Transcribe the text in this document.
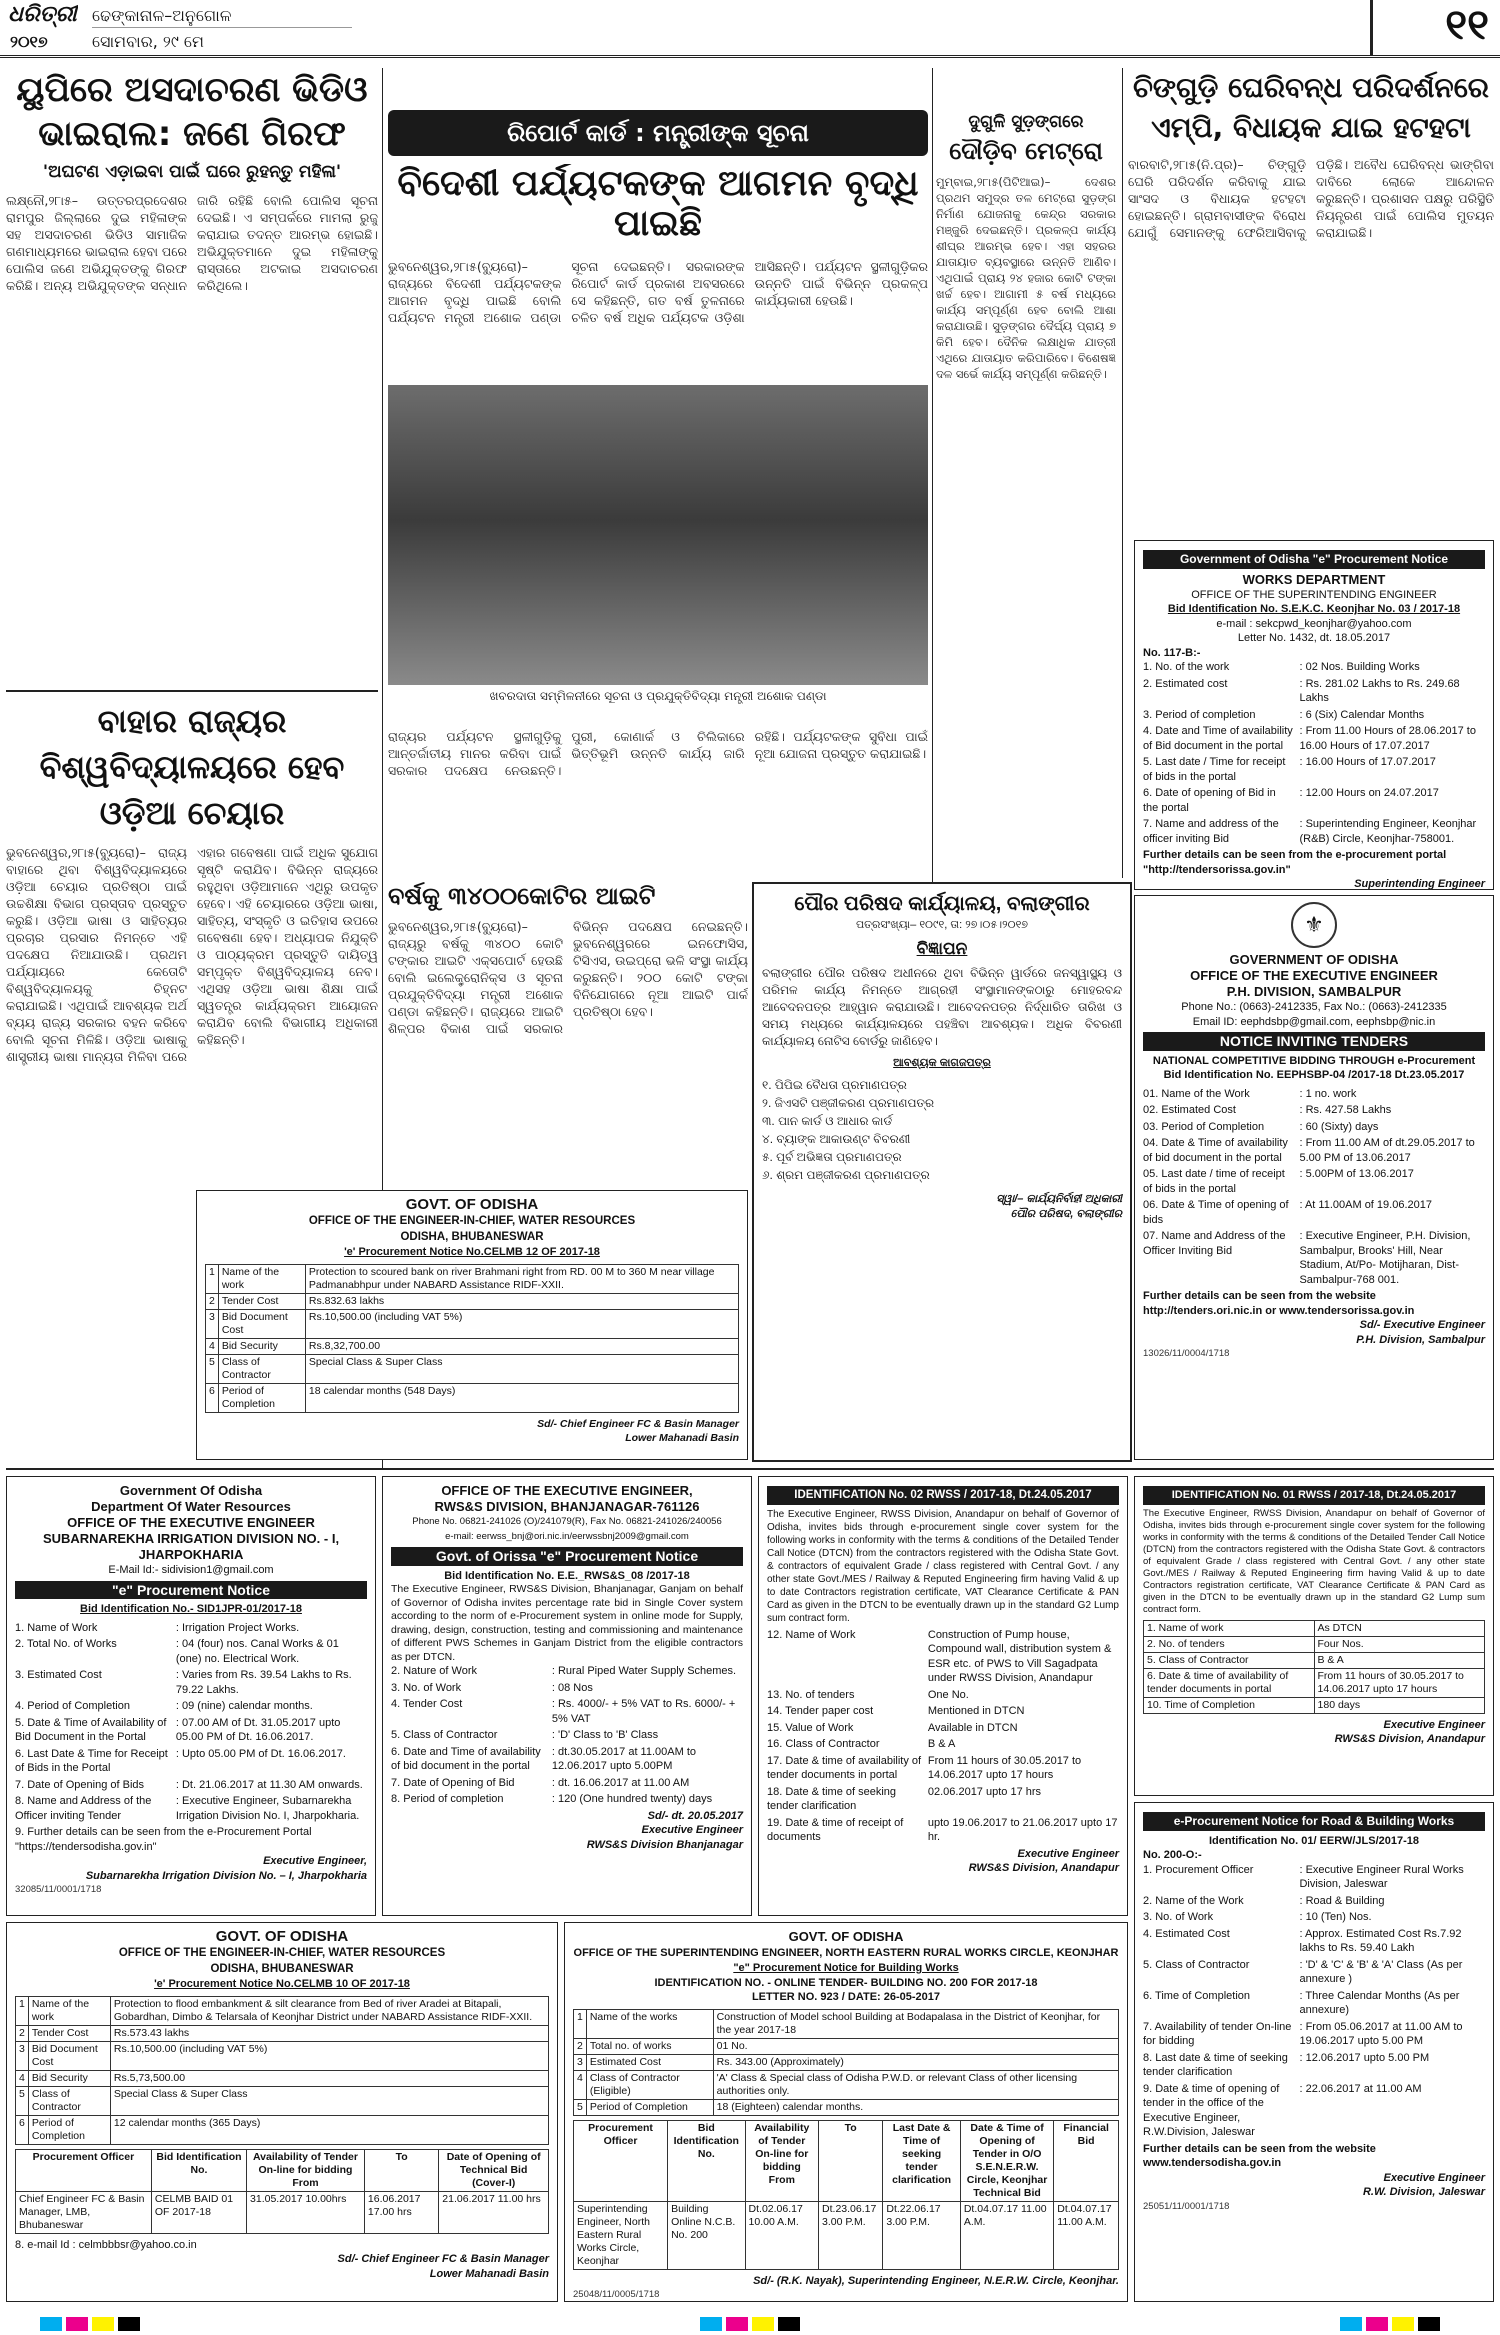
ଧରିତ୍ରୀ
୨୦୧୭
ଢେଙ୍କାନାଳ–ଅନୁଗୋଳ
ସୋମବାର, ୨୯ ମେ	୧୧
ୟୁପିରେ ଅସଦାଚରଣ ଭିଡିଓ ଭାଇରାଲ: ଜଣେ ଗିରଫ
'ଅଘଟଣ ଏଡ଼ାଇବା ପାଇଁ ଘରେ ରୁହନ୍ତୁ ମହିଳା'
ଲକ୍ଷ୍ନୌ,୨୮ା୫– ଉତ୍ତରପ୍ରଦେଶର ରାମପୁର ଜିଲ୍ଲାରେ ଦୁଇ ମହିଳାଙ୍କ ସହ ଅସଦାଚରଣ ଭିଡିଓ ସାମାଜିକ ଗଣମାଧ୍ୟମରେ ଭାଇରାଲ ହେବା ପରେ ପୋଲିସ ଜଣେ ଅଭିଯୁକ୍ତଙ୍କୁ ଗିରଫ କରିଛି। ଅନ୍ୟ ଅଭିଯୁକ୍ତଙ୍କ ସନ୍ଧାନ ଜାରି ରହିଛି ବୋଲି ପୋଲିସ ସୂଚନା ଦେଇଛି। ଏ ସମ୍ପର୍କରେ ମାମଲା ରୁଜୁ କରାଯାଇ ତଦନ୍ତ ଆରମ୍ଭ ହୋଇଛି। ଅଭିଯୁକ୍ତମାନେ ଦୁଇ ମହିଳାଙ୍କୁ ରାସ୍ତାରେ ଅଟକାଇ ଅସଦାଚରଣ କରିଥିଲେ।
ବାହାର ରାଜ୍ୟର ବିଶ୍ୱବିଦ୍ୟାଳୟରେ ହେବ ଓଡ଼ିଆ ଚେୟାର
ଭୁବନେଶ୍ୱର,୨୮ା୫(ବ୍ୟୁରୋ)– ରାଜ୍ୟ ବାହାରେ ଥିବା ବିଶ୍ୱବିଦ୍ୟାଳୟରେ ଓଡ଼ିଆ ଚେୟାର ପ୍ରତିଷ୍ଠା ପାଇଁ ଉଚ୍ଚଶିକ୍ଷା ବିଭାଗ ପ୍ରସ୍ତାବ ପ୍ରସ୍ତୁତ କରୁଛି। ଓଡ଼ିଆ ଭାଷା ଓ ସାହିତ୍ୟର ପ୍ରଚାର ପ୍ରସାର ନିମନ୍ତେ ଏହି ପଦକ୍ଷେପ ନିଆଯାଉଛି। ପ୍ରଥମ ପର୍ଯ୍ୟାୟରେ କେତୋଟି ବିଶ୍ୱବିଦ୍ୟାଳୟକୁ ଚିହ୍ନଟ କରାଯାଇଛି। ଏଥିପାଇଁ ଆବଶ୍ୟକ ଅର୍ଥ ବ୍ୟୟ ରାଜ୍ୟ ସରକାର ବହନ କରିବେ ବୋଲି ସୂଚନା ମିଳିଛି। ଓଡ଼ିଆ ଭାଷାକୁ ଶାସ୍ତ୍ରୀୟ ଭାଷା ମାନ୍ୟତା ମିଳିବା ପରେ ଏହାର ଗବେଷଣା ପାଇଁ ଅଧିକ ସୁଯୋଗ ସୃଷ୍ଟି କରାଯିବ। ବିଭିନ୍ନ ରାଜ୍ୟରେ ରହୁଥିବା ଓଡ଼ିଆମାନେ ଏଥିରୁ ଉପକୃତ ହେବେ। ଏହି ଚେୟାରରେ ଓଡ଼ିଆ ଭାଷା, ସାହିତ୍ୟ, ସଂସ୍କୃତି ଓ ଇତିହାସ ଉପରେ ଗବେଷଣା ହେବ। ଅଧ୍ୟାପକ ନିଯୁକ୍ତି ଓ ପାଠ୍ୟକ୍ରମ ପ୍ରସ୍ତୁତି ଦାୟିତ୍ୱ ସମ୍ପୃକ୍ତ ବିଶ୍ୱବିଦ୍ୟାଳୟ ନେବ। ଏଥିସହ ଓଡ଼ିଆ ଭାଷା ଶିକ୍ଷା ପାଇଁ ସ୍ୱତନ୍ତ୍ର କାର୍ଯ୍ୟକ୍ରମ ଆୟୋଜନ କରାଯିବ ବୋଲି ବିଭାଗୀୟ ଅଧିକାରୀ କହିଛନ୍ତି।
ରିପୋର୍ଟ କାର୍ଡ : ମନ୍ତ୍ରୀଙ୍କ ସୂଚନା
ବିଦେଶୀ ପର୍ଯ୍ୟଟକଙ୍କ ଆଗମନ ବୃଦ୍ଧି ପାଇଛି
ଭୁବନେଶ୍ୱର,୨୮ା୫(ବ୍ୟୁରୋ)– ରାଜ୍ୟରେ ବିଦେଶୀ ପର୍ଯ୍ୟଟକଙ୍କ ଆଗମନ ବୃଦ୍ଧି ପାଇଛି ବୋଲି ପର୍ଯ୍ୟଟନ ମନ୍ତ୍ରୀ ଅଶୋକ ପଣ୍ଡା ସୂଚନା ଦେଇଛନ୍ତି। ସରକାରଙ୍କ ରିପୋର୍ଟ କାର୍ଡ ପ୍ରକାଶ ଅବସରରେ ସେ କହିଛନ୍ତି, ଗତ ବର୍ଷ ତୁଳନାରେ ଚଳିତ ବର୍ଷ ଅଧିକ ପର୍ଯ୍ୟଟକ ଓଡ଼ିଶା ଆସିଛନ୍ତି। ପର୍ଯ୍ୟଟନ ସ୍ଥଳୀଗୁଡ଼ିକର ଉନ୍ନତି ପାଇଁ ବିଭିନ୍ନ ପ୍ରକଳ୍ପ କାର୍ଯ୍ୟକାରୀ ହେଉଛି।
ଖବରଦାତା ସମ୍ମିଳନୀରେ ସୂଚନା ଓ ପ୍ରଯୁକ୍ତିବିଦ୍ୟା ମନ୍ତ୍ରୀ ଅଶୋକ ପଣ୍ଡା
ରାଜ୍ୟର ପର୍ଯ୍ୟଟନ ସ୍ଥଳୀଗୁଡ଼ିକୁ ଆନ୍ତର୍ଜାତୀୟ ମାନର କରିବା ପାଇଁ ସରକାର ପଦକ୍ଷେପ ନେଉଛନ୍ତି। ପୁରୀ, କୋଣାର୍କ ଓ ଚିଲିକାରେ ଭିତ୍ତିଭୂମି ଉନ୍ନତି କାର୍ଯ୍ୟ ଜାରି ରହିଛି। ପର୍ଯ୍ୟଟକଙ୍କ ସୁବିଧା ପାଇଁ ନୂଆ ଯୋଜନା ପ୍ରସ୍ତୁତ କରାଯାଇଛି।
ବର୍ଷକୁ ୩୪୦୦କୋଟିର ଆଇଟି
ଭୁବନେଶ୍ୱର,୨୮ା୫(ବ୍ୟୁରୋ)– ରାଜ୍ୟରୁ ବର୍ଷକୁ ୩୪୦୦ କୋଟି ଟଙ୍କାର ଆଇଟି ଏକ୍ସପୋର୍ଟ ହେଉଛି ବୋଲି ଇଲେକ୍ଟ୍ରୋନିକ୍ସ ଓ ସୂଚନା ପ୍ରଯୁକ୍ତିବିଦ୍ୟା ମନ୍ତ୍ରୀ ଅଶୋକ ପଣ୍ଡା କହିଛନ୍ତି। ରାଜ୍ୟରେ ଆଇଟି ଶିଳ୍ପର ବିକାଶ ପାଇଁ ସରକାର ବିଭିନ୍ନ ପଦକ୍ଷେପ ନେଇଛନ୍ତି। ଭୁବନେଶ୍ୱରରେ ଇନଫୋସିସ, ଟିସିଏସ, ଉଇପ୍ରୋ ଭଳି ସଂସ୍ଥା କାର୍ଯ୍ୟ କରୁଛନ୍ତି। ୨୦୦ କୋଟି ଟଙ୍କା ବିନିଯୋଗରେ ନୂଆ ଆଇଟି ପାର୍କ ପ୍ରତିଷ୍ଠା ହେବ।
ଦୁଗୁଳି ସୁଡ଼ଙ୍ଗରେ
ଦୌଡ଼ିବ ମେଟ୍ରୋ
ମୁମ୍ବାଇ,୨୮ା୫(ପିଟିଆଇ)– ଦେଶର ପ୍ରଥମ ସମୁଦ୍ର ତଳ ମେଟ୍ରୋ ସୁଡ଼ଙ୍ଗ ନିର୍ମାଣ ଯୋଜନାକୁ କେନ୍ଦ୍ର ସରକାର ମଞ୍ଜୁରି ଦେଇଛନ୍ତି। ପ୍ରକଳ୍ପ କାର୍ଯ୍ୟ ଶୀଘ୍ର ଆରମ୍ଭ ହେବ। ଏହା ସହରର ଯାତାୟାତ ବ୍ୟବସ୍ଥାରେ ଉନ୍ନତି ଆଣିବ। ଏଥିପାଇଁ ପ୍ରାୟ ୨୪ ହଜାର କୋଟି ଟଙ୍କା ଖର୍ଚ୍ଚ ହେବ। ଆଗାମୀ ୫ ବର୍ଷ ମଧ୍ୟରେ କାର୍ଯ୍ୟ ସମ୍ପୂର୍ଣ୍ଣ ହେବ ବୋଲି ଆଶା କରାଯାଉଛି। ସୁଡ଼ଙ୍ଗର ଦୈର୍ଘ୍ୟ ପ୍ରାୟ ୭ କିମି ହେବ। ଦୈନିକ ଲକ୍ଷାଧିକ ଯାତ୍ରୀ ଏଥିରେ ଯାତାୟାତ କରିପାରିବେ। ବିଶେଷଜ୍ଞ ଦଳ ସର୍ଭେ କାର୍ଯ୍ୟ ସମ୍ପୂର୍ଣ୍ଣ କରିଛନ୍ତି।
ପୌର ପରିଷଦ କାର୍ଯ୍ୟାଳୟ, ବଲାଙ୍ଗୀର
ପତ୍ରସଂଖ୍ୟା– ୧୦୯୧, ତା: ୨୭।୦୫।୨୦୧୭
ବିଜ୍ଞାପନ
ବଲାଙ୍ଗୀର ପୌର ପରିଷଦ ଅଧୀନରେ ଥିବା ବିଭିନ୍ନ ୱାର୍ଡରେ ଜନସ୍ୱାସ୍ଥ୍ୟ ଓ ପରିମଳ କାର୍ଯ୍ୟ ନିମନ୍ତେ ଆଗ୍ରହୀ ସଂସ୍ଥାମାନଙ୍କଠାରୁ ମୋହରବନ୍ଦ ଆବେଦନପତ୍ର ଆହ୍ୱାନ କରାଯାଉଛି। ଆବେଦନପତ୍ର ନିର୍ଦ୍ଧାରିତ ତାରିଖ ଓ ସମୟ ମଧ୍ୟରେ କାର୍ଯ୍ୟାଳୟରେ ପହଞ୍ଚିବା ଆବଶ୍ୟକ। ଅଧିକ ବିବରଣୀ କାର୍ଯ୍ୟାଳୟ ନୋଟିସ ବୋର୍ଡରୁ ଜାଣିହେବ।
ଆବଶ୍ୟକ କାଗଜପତ୍ର
୧. ପିପିଇ ବୈଧତା ପ୍ରମାଣପତ୍ର
୨. ଜିଏସଟି ପଞ୍ଜୀକରଣ ପ୍ରମାଣପତ୍ର
୩. ପାନ କାର୍ଡ ଓ ଆଧାର କାର୍ଡ
୪. ବ୍ୟାଙ୍କ ଆକାଉଣ୍ଟ ବିବରଣୀ
୫. ପୂର୍ବ ଅଭିଜ୍ଞତା ପ୍ରମାଣପତ୍ର
୬. ଶ୍ରମ ପଞ୍ଜୀକରଣ ପ୍ରମାଣପତ୍ର
ସ୍ୱା/– କାର୍ଯ୍ୟନିର୍ବାହୀ ଅଧିକାରୀ
ପୌର ପରିଷଦ, ବଲାଙ୍ଗୀର
ଚିଙ୍ଗୁଡ଼ି ଘେରିବନ୍ଧ ପରିଦର୍ଶନରେ ଏମ୍‌ପି, ବିଧାୟକ ଯାଇ ହଟହଟା
ବାରବାଟି,୨୮ା୫(ନି.ପ୍ର)– ଚିଙ୍ଗୁଡ଼ି ଘେରି ପରିଦର୍ଶନ କରିବାକୁ ଯାଇ ସାଂସଦ ଓ ବିଧାୟକ ହଟହଟା ହୋଇଛନ୍ତି। ଗ୍ରାମବାସୀଙ୍କ ବିରୋଧ ଯୋଗୁଁ ସେମାନଙ୍କୁ ଫେରିଆସିବାକୁ ପଡ଼ିଛି। ଅବୈଧ ଘେରିବନ୍ଧ ଭାଙ୍ଗିବା ଦାବିରେ ଲୋକେ ଆନ୍ଦୋଳନ କରୁଛନ୍ତି। ପ୍ରଶାସନ ପକ୍ଷରୁ ପରିସ୍ଥିତି ନିୟନ୍ତ୍ରଣ ପାଇଁ ପୋଲିସ ମୁତୟନ କରାଯାଇଛି।
Government of Odisha "e" Procurement Notice
WORKS DEPARTMENT
OFFICE OF THE SUPERINTENDING ENGINEER
Bid Identification No. S.E.K.C. Keonjhar No. 03 / 2017-18
e-mail : sekcpwd_keonjhar@yahoo.com
Letter No. 1432, dt. 18.05.2017
No. 117-B:-
1. No. of the work	: 02 Nos. Building Works
2. Estimated cost	: Rs. 281.02 Lakhs to Rs. 249.68 Lakhs
3. Period of completion	: 6 (Six) Calendar Months
4. Date and Time of availability of Bid document in the portal
: From 11.00 Hours of 28.06.2017 to 16.00 Hours of 17.07.2017
5. Last date / Time for receipt of bids in the portal
: 16.00 Hours of 17.07.2017
6. Date of opening of Bid in the portal
: 12.00 Hours on 24.07.2017
7. Name and address of the officer inviting Bid
: Superintending Engineer, Keonjhar (R&B) Circle, Keonjhar-758001.
Further details can be seen from the e-procurement portal "http://tendersorissa.gov.in"
Superintending Engineer

⚜
GOVERNMENT OF ODISHA
OFFICE OF THE EXECUTIVE ENGINEER
P.H. DIVISION, SAMBALPUR
Phone No.: (0663)-2412335, Fax No.: (0663)-2412335
Email ID: eephdsbp@gmail.com, eephsbp@nic.in
NOTICE INVITING TENDERS
NATIONAL COMPETITIVE BIDDING THROUGH e-Procurement
Bid Identification No. EEPHSBP-04 /2017-18 Dt.23.05.2017
01. Name of the Work	: 1 no. work
02. Estimated Cost	: Rs. 427.58 Lakhs
03. Period of Completion	: 60 (Sixty) days
04. Date & Time of availability of bid document in the portal
: From 11.00 AM of dt.29.05.2017 to 5.00 PM of 13.06.2017
05. Last date / time of receipt of bids in the portal
: 5.00PM of 13.06.2017
06. Date & Time of opening of bids
: At 11.00AM of 19.06.2017
07. Name and Address of the Officer Inviting Bid
: Executive Engineer, P.H. Division, Sambalpur, Brooks' Hill, Near Stadium, At/Po- Motijharan, Dist- Sambalpur-768 001.
Further details can be seen from the website http://tenders.ori.nic.in or www.tendersorissa.gov.in
Sd/- Executive Engineer
P.H. Division, Sambalpur
13026/11/0004/1718
GOVT. OF ODISHA
OFFICE OF THE ENGINEER-IN-CHIEF, WATER RESOURCES
ODISHA, BHUBANESWAR
'e' Procurement Notice No.CELMB 12 OF 2017-18
1	Name of the work	Protection to scoured bank on river Brahmani right from RD. 00 M to 360 M near village Padmanabhpur under NABARD Assistance RIDF-XXII.
2	Tender Cost	Rs.832.63 lakhs
3	Bid Document Cost	Rs.10,500.00 (including VAT 5%)
4	Bid Security	Rs.8,32,700.00
5	Class of Contractor	Special Class & Super Class
6	Period of Completion	18 calendar months (548 Days)
Sd/- Chief Engineer FC & Basin Manager
Lower Mahanadi Basin
Government Of Odisha
Department Of Water Resources
OFFICE OF THE EXECUTIVE ENGINEER
SUBARNAREKHA IRRIGATION DIVISION NO. - I, JHARPOKHARIA
E-Mail Id:- sidivision1@gmail.com
"e" Procurement Notice
Bid Identification No.- SID1JPR-01/2017-18
1. Name of Work	: Irrigation Project Works.
2. Total No. of Works	: 04 (four) nos. Canal Works & 01 (one) no. Electrical Work.
3. Estimated Cost	: Varies from Rs. 39.54 Lakhs to Rs. 79.22 Lakhs.
4. Period of Completion	: 09 (nine) calendar months.
5. Date & Time of Availability of Bid Document in the Portal
: 07.00 AM of Dt. 31.05.2017 upto 05.00 PM of Dt. 16.06.2017.
6. Last Date & Time for Receipt of Bids in the Portal
: Upto 05.00 PM of Dt. 16.06.2017.
7. Date of Opening of Bids	: Dt. 21.06.2017 at 11.30 AM onwards.
8. Name and Address of the Officer inviting Tender
: Executive Engineer, Subarnarekha Irrigation Division No. I, Jharpokharia.
9. Further details can be seen from the e-Procurement Portal "https://tendersodisha.gov.in"
Executive Engineer,
Subarnarekha Irrigation Division No. – I, Jharpokharia
32085/11/0001/1718
OFFICE OF THE EXECUTIVE ENGINEER,
RWS&S DIVISION, BHANJANAGAR-761126
Phone No. 06821-241026 (O)/241079(R), Fax No. 06821-241026/240056
e-mail: eerwss_bnj@ori.nic.in/eerwssbnj2009@gmail.com
Govt. of Orissa "e" Procurement Notice
Bid Identification No. E.E._RWS&S_08 /2017-18
The Executive Engineer, RWS&S Division, Bhanjanagar, Ganjam on behalf of Governor of Odisha invites percentage rate bid in Single Cover system according to the norm of e-Procurement system in online mode for Supply, drawing, design, construction, testing and commissioning and maintenance of different PWS Schemes in Ganjam District from the eligible contractors as per DTCN.
2. Nature of Work	: Rural Piped Water Supply Schemes.
3. No. of Work	: 08 Nos
4. Tender Cost	: Rs. 4000/- + 5% VAT to Rs. 6000/- + 5% VAT
5. Class of Contractor	: 'D' Class to 'B' Class
6. Date and Time of availability of bid document in the portal
: dt.30.05.2017 at 11.00AM to 12.06.2017 upto 5.00PM
7. Date of Opening of Bid	: dt. 16.06.2017 at 11.00 AM
8. Period of completion	: 120 (One hundred twenty) days
Sd/- dt. 20.05.2017
Executive Engineer
RWS&S Division Bhanjanagar
IDENTIFICATION No. 02 RWSS / 2017-18, Dt.24.05.2017
The Executive Engineer, RWSS Division, Anandapur on behalf of Governor of Odisha, invites bids through e-procurement single cover system for the following works in conformity with the terms & conditions of the Detailed Tender Call Notice (DTCN) from the contractors registered with the Odisha State Govt. & contractors of equivalent Grade / class registered with Central Govt. / any other state Govt./MES / Railway & Reputed Engineering firm having Valid & up to date Contractors registration certificate, VAT Clearance Certificate & PAN Card as given in the DTCN to be eventually drawn up in the standard G2 Lump sum contract form.
12. Name of Work	Construction of Pump house, Compound wall, distribution system & ESR etc. of PWS to Vill Sagadpata under RWSS Division, Anandapur
13. No. of tenders	One No.
14. Tender paper cost	Mentioned in DTCN
15. Value of Work	Available in DTCN
16. Class of Contractor	B & A
17. Date & time of availability of tender documents in portal
From 11 hours of 30.05.2017 to 14.06.2017 upto 17 hours
18. Date & time of seeking tender clarification
02.06.2017 upto 17 hrs
19. Date & time of receipt of documents
upto 19.06.2017 to 21.06.2017 upto 17 hr.
Executive Engineer
RWS&S Division, Anandapur
IDENTIFICATION No. 01 RWSS / 2017-18, Dt.24.05.2017
The Executive Engineer, RWSS Division, Anandapur on behalf of Governor of Odisha, invites bids through e-procurement single cover system for the following works in conformity with the terms & conditions of the Detailed Tender Call Notice (DTCN) from the contractors registered with the Odisha State Govt. & contractors of equivalent Grade / class registered with Central Govt. / any other state Govt./MES / Railway & Reputed Engineering firm having Valid & up to date Contractors registration certificate, VAT Clearance Certificate & PAN Card as given in the DTCN to be eventually drawn up in the standard G2 Lump sum contract form.
1. Name of work	As DTCN
2. No. of tenders	Four Nos.
5. Class of Contractor	B & A
6. Date & time of availability of tender documents in portal	From 11 hours of 30.05.2017 to 14.06.2017 upto 17 hours
10. Time of Completion	180 days
Executive Engineer
RWS&S Division, Anandapur
e-Procurement Notice for Road & Building Works
Identification No. 01/ EERW/JLS/2017-18
No. 200-O:-
1. Procurement Officer	: Executive Engineer Rural Works Division, Jaleswar
2. Name of the Work	: Road & Building
3. No. of Work	: 10 (Ten) Nos.
4. Estimated Cost	: Approx. Estimated Cost Rs.7.92 lakhs to Rs. 59.40 Lakh
5. Class of Contractor	: 'D' & 'C' & 'B' & 'A' Class (As per annexure )
6. Time of Completion	: Three Calendar Months (As per annexure)
7. Availability of tender On-line for bidding
: From 05.06.2017 at 11.00 AM to 19.06.2017 upto 5.00 PM
8. Last date & time of seeking tender clarification
: 12.06.2017 upto 5.00 PM
9. Date & time of opening of tender in the office of the Executive Engineer, R.W.Division, Jaleswar
: 22.06.2017 at 11.00 AM
Further details can be seen from the website www.tendersodisha.gov.in
Executive Engineer
R.W. Division, Jaleswar
25051/11/0001/1718
GOVT. OF ODISHA
OFFICE OF THE ENGINEER-IN-CHIEF, WATER RESOURCES
ODISHA, BHUBANESWAR
'e' Procurement Notice No.CELMB 10 OF 2017-18
1	Name of the work	Protection to flood embankment & silt clearance from Bed of river Aradei at Bitapali, Gobardhan, Dimbo & Telarsala of Keonjhar District under NABARD Assistance RIDF-XXII.
2	Tender Cost	Rs.573.43 lakhs
3	Bid Document Cost	Rs.10,500.00 (including VAT 5%)
4	Bid Security	Rs.5,73,500.00
5	Class of Contractor	Special Class & Super Class
6	Period of Completion	12 calendar months (365 Days)
Procurement Officer	Bid Identification No.	Availability of Tender On-line for bidding From	To	Date of Opening of Technical Bid (Cover-I)
Chief Engineer FC & Basin Manager, LMB, Bhubaneswar	CELMB BAID 01 OF 2017-18	31.05.2017 10.00hrs	16.06.2017 17.00 hrs	21.06.2017 11.00 hrs
8. e-mail Id : celmbbbsr@yahoo.co.in
Sd/- Chief Engineer FC & Basin Manager
Lower Mahanadi Basin
GOVT. OF ODISHA
OFFICE OF THE SUPERINTENDING ENGINEER, NORTH EASTERN RURAL WORKS CIRCLE, KEONJHAR
"e" Procurement Notice for Building Works
IDENTIFICATION NO. - ONLINE TENDER- BUILDING NO. 200 FOR 2017-18
LETTER NO. 923 / DATE: 26-05-2017
1	Name of the works	Construction of Model school Building at Bodapalasa in the District of Keonjhar, for the year 2017-18
2	Total no. of works	01 No.
3	Estimated Cost	Rs. 343.00 (Approximately)
4	Class of Contractor (Eligible)	'A' Class & Special class of Odisha P.W.D. or relevant Class of other licensing authorities only.
5	Period of Completion	18 (Eighteen) calendar months.
Procurement Officer	Bid Identification No.	Availability of Tender On-line for bidding From	To	Last Date & Time of seeking tender clarification	Date & Time of Opening of Tender in O/O S.E.N.E.R.W. Circle, Keonjhar Technical Bid	Financial Bid
Superintending Engineer, North Eastern Rural Works Circle, Keonjhar	Building Online N.C.B. No. 200	Dt.02.06.17 10.00 A.M.	Dt.23.06.17 3.00 P.M.	Dt.22.06.17 3.00 P.M.	Dt.04.07.17 11.00 A.M.	Dt.04.07.17 11.00 A.M.
Sd/- (R.K. Nayak), Superintending Engineer, N.E.R.W. Circle, Keonjhar.
25048/11/0005/1718
